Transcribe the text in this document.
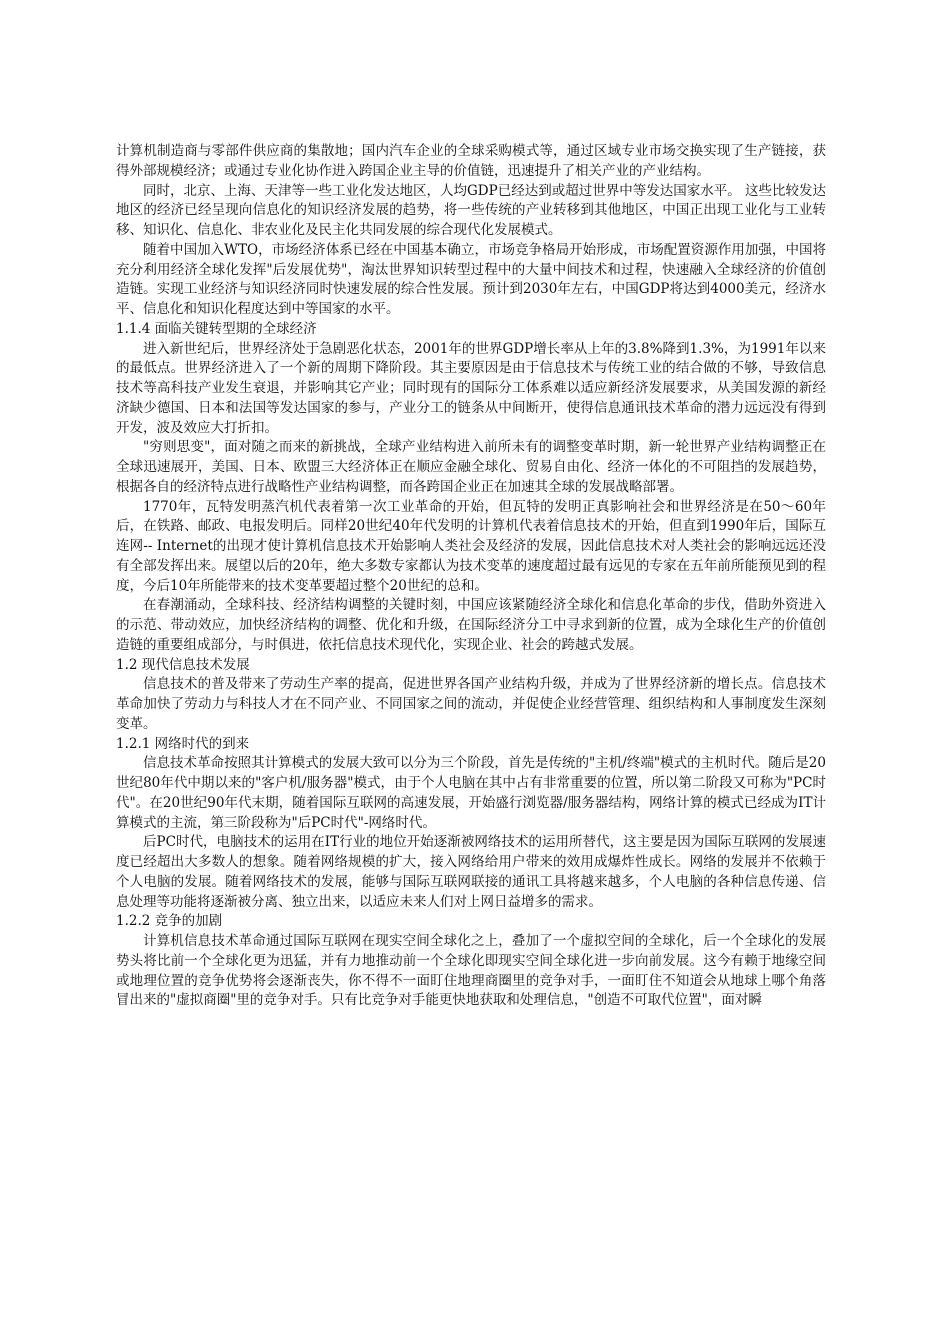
计算机制造商与零部件供应商的集散地；国内汽车企业的全球采购模式等，通过区域专业市场交换实现了生产链接，获得外部规模经济；或通过专业化协作进入跨国企业主导的价值链，迅速提升了相关产业的产业结构。

同时，北京、上海、天津等一些工业化发达地区，人均GDP已经达到或超过世界中等发达国家水平。 这些比较发达地区的经济已经呈现向信息化的知识经济发展的趋势，将一些传统的产业转移到其他地区，中国正出现工业化与工业转移、知识化、信息化、非农业化及民主化共同发展的综合现代化发展模式。

随着中国加入WTO，市场经济体系已经在中国基本确立，市场竞争格局开始形成，市场配置资源作用加强，中国将充分利用经济全球化发挥"后发展优势"，淘汰世界知识转型过程中的大量中间技术和过程，快速融入全球经济的价值创造链。实现工业经济与知识经济同时快速发展的综合性发展。预计到2030年左右，中国GDP将达到4000美元，经济水平、信息化和知识化程度达到中等国家的水平。

1.1.4 面临关键转型期的全球经济

进入新世纪后，世界经济处于急剧恶化状态，2001年的世界GDP增长率从上年的3.8%降到1.3%，为1991年以来的最低点。世界经济进入了一个新的周期下降阶段。其主要原因是由于信息技术与传统工业的结合做的不够，导致信息技术等高科技产业发生衰退，并影响其它产业；同时现有的国际分工体系难以适应新经济发展要求，从美国发源的新经济缺少德国、日本和法国等发达国家的参与，产业分工的链条从中间断开，使得信息通讯技术革命的潜力远远没有得到开发，波及效应大打折扣。

"穷则思变"，面对随之而来的新挑战，全球产业结构进入前所未有的调整变革时期，新一轮世界产业结构调整正在全球迅速展开，美国、日本、欧盟三大经济体正在顺应金融全球化、贸易自由化、经济一体化的不可阻挡的发展趋势，根据各自的经济特点进行战略性产业结构调整，而各跨国企业正在加速其全球的发展战略部署。

1770年，瓦特发明蒸汽机代表着第一次工业革命的开始，但瓦特的发明正真影响社会和世界经济是在50～60年后，在铁路、邮政、电报发明后。同样20世纪40年代发明的计算机代表着信息技术的开始，但直到1990年后，国际互连网-- Internet的出现才使计算机信息技术开始影响人类社会及经济的发展，因此信息技术对人类社会的影响远远还没有全部发挥出来。展望以后的20年，绝大多数专家都认为技术变革的速度超过最有远见的专家在五年前所能预见到的程度，今后10年所能带来的技术变革要超过整个20世纪的总和。

在春潮涌动，全球科技、经济结构调整的关键时刻，中国应该紧随经济全球化和信息化革命的步伐，借助外资进入的示范、带动效应，加快经济结构的调整、优化和升级，在国际经济分工中寻求到新的位置，成为全球化生产的价值创造链的重要组成部分，与时俱进，依托信息技术现代化，实现企业、社会的跨越式发展。

1.2 现代信息技术发展

信息技术的普及带来了劳动生产率的提高，促进世界各国产业结构升级，并成为了世界经济新的增长点。信息技术革命加快了劳动力与科技人才在不同产业、不同国家之间的流动，并促使企业经营管理、组织结构和人事制度发生深刻变革。

1.2.1 网络时代的到来

信息技术革命按照其计算模式的发展大致可以分为三个阶段，首先是传统的"主机/终端"模式的主机时代。随后是20世纪80年代中期以来的"客户机/服务器"模式，由于个人电脑在其中占有非常重要的位置，所以第二阶段又可称为"PC时代"。在20世纪90年代末期，随着国际互联网的高速发展，开始盛行浏览器/服务器结构，网络计算的模式已经成为IT计算模式的主流，第三阶段称为"后PC时代"-网络时代。

后PC时代，电脑技术的运用在IT行业的地位开始逐渐被网络技术的运用所替代，这主要是因为国际互联网的发展速度已经超出大多数人的想象。随着网络规模的扩大，接入网络给用户带来的效用成爆炸性成长。网络的发展并不依赖于个人电脑的发展。随着网络技术的发展，能够与国际互联网联接的通讯工具将越来越多，个人电脑的各种信息传递、信息处理等功能将逐渐被分离、独立出来，以适应未来人们对上网日益增多的需求。

1.2.2 竞争的加剧

计算机信息技术革命通过国际互联网在现实空间全球化之上，叠加了一个虚拟空间的全球化，后一个全球化的发展势头将比前一个全球化更为迅猛，并有力地推动前一个全球化即现实空间全球化进一步向前发展。这今有赖于地缘空间或地理位置的竞争优势将会逐渐丧失，你不得不一面盯住地理商圈里的竞争对手，一面盯住不知道会从地球上哪个角落冒出来的"虚拟商圈"里的竞争对手。只有比竞争对手能更快地获取和处理信息，"创造不可取代位置"，面对瞬
